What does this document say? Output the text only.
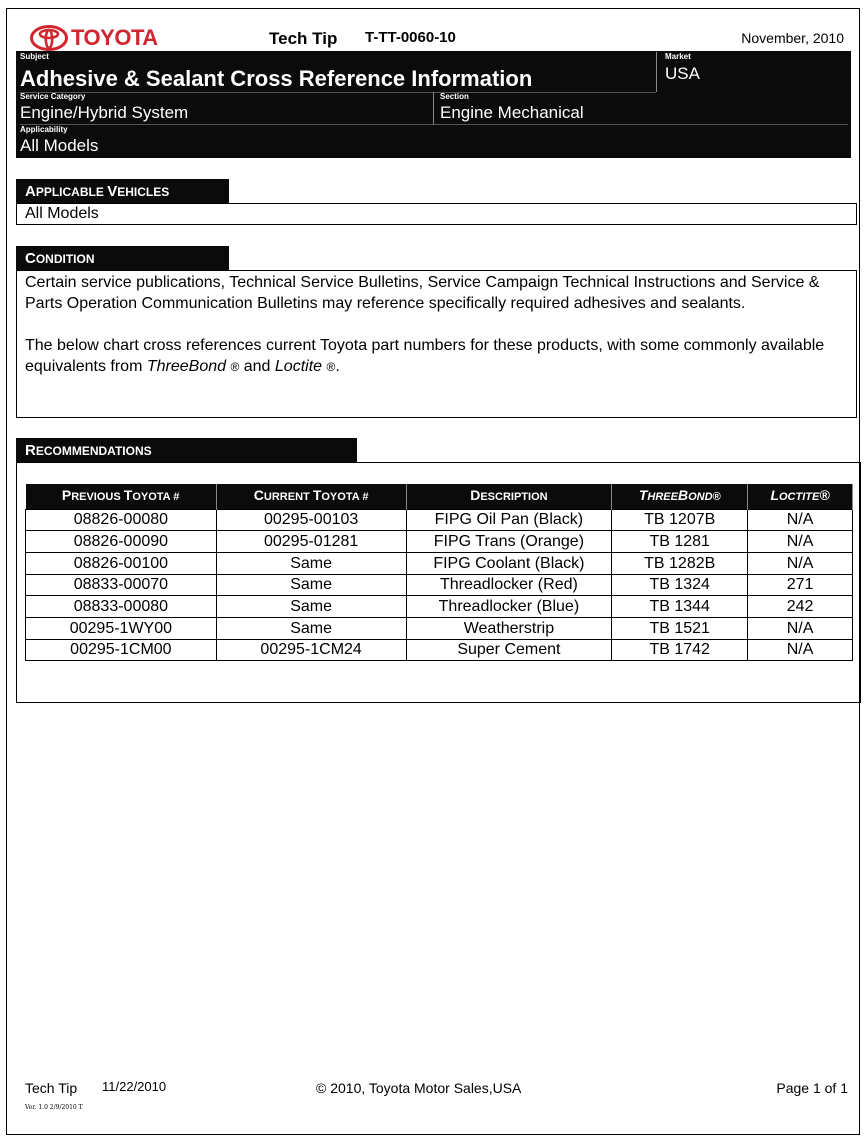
TOYOTA	Tech Tip T-TT-0060-10	November, 2010
Subject
Adhesive & Sealant Cross Reference Information
Market
USA
Service Category
Engine/Hybrid System
Section
Engine Mechanical
Applicability
All Models
APPLICABLE VEHICLES
All Models
CONDITION

Certain service publications, Technical Service Bulletins, Service Campaign Technical Instructions and Service & Parts Operation Communication Bulletins may reference specifically required adhesives and sealants.

The below chart cross references current Toyota part numbers for these products, with some commonly available equivalents from ThreeBond ® and Loctite ®.

RECOMMENDATIONS
PREVIOUS TOYOTA #	CURRENT TOYOTA #	DESCRIPTION	THREEBOND®	LOCTITE®
08826-00080	00295-00103	FIPG Oil Pan (Black)	TB 1207B	N/A
08826-00090	00295-01281	FIPG Trans (Orange)	TB 1281	N/A
08826-00100	Same	FIPG Coolant (Black)	TB 1282B	N/A
08833-00070	Same	Threadlocker (Red)	TB 1324	271
08833-00080	Same	Threadlocker (Blue)	TB 1344	242
00295-1WY00	Same	Weatherstrip	TB 1521	N/A
00295-1CM00	00295-1CM24	Super Cement	TB 1742	N/A
Tech Tip 11/22/2010	© 2010, Toyota Motor Sales,USA	Page 1 of 1
Ver. 1.0 2/9/2010 T
